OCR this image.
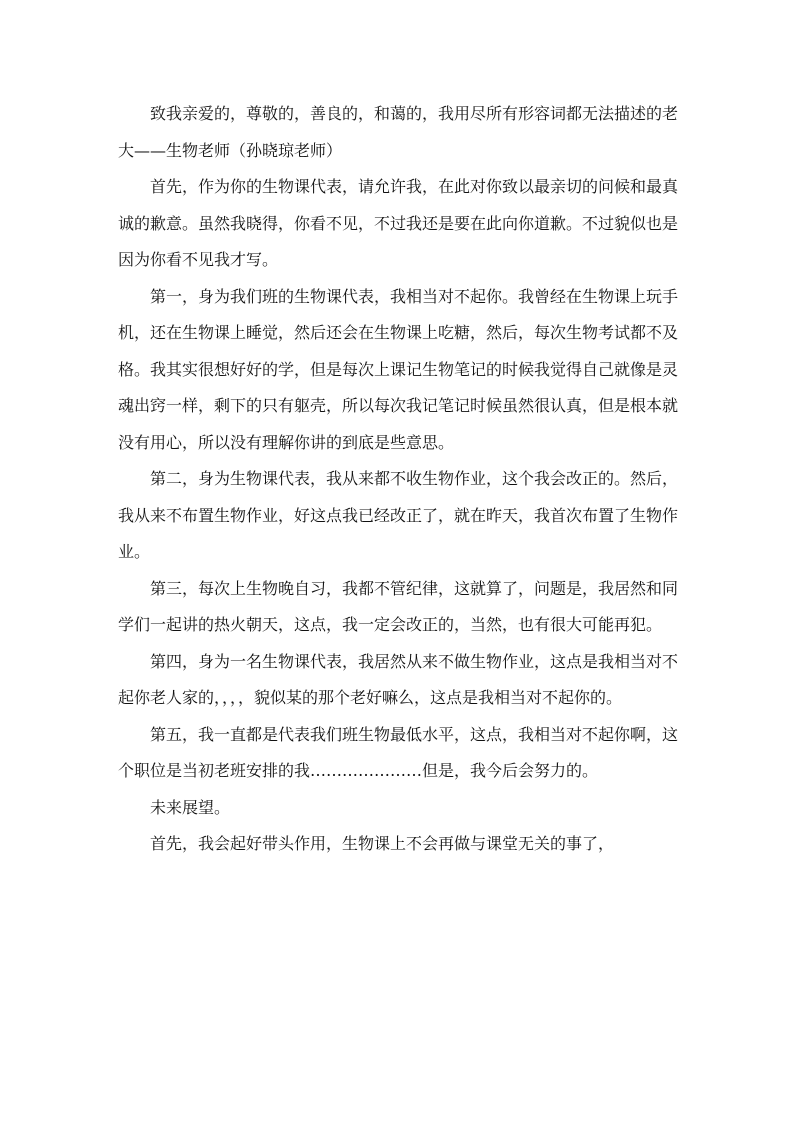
致我亲爱的，尊敬的，善良的，和蔼的，我用尽所有形容词都无法描述的老大——生物老师（孙晓琼老师）

首先，作为你的生物课代表，请允许我，在此对你致以最亲切的问候和最真诚的歉意。虽然我晓得，你看不见，不过我还是要在此向你道歉。不过貌似也是因为你看不见我才写。

第一，身为我们班的生物课代表，我相当对不起你。我曾经在生物课上玩手机，还在生物课上睡觉，然后还会在生物课上吃糖，然后，每次生物考试都不及格。我其实很想好好的学，但是每次上课记生物笔记的时候我觉得自己就像是灵魂出窍一样，剩下的只有躯壳，所以每次我记笔记时候虽然很认真，但是根本就没有用心，所以没有理解你讲的到底是些意思。

第二，身为生物课代表，我从来都不收生物作业，这个我会改正的。然后，我从来不布置生物作业，好这点我已经改正了，就在昨天，我首次布置了生物作业。

第三，每次上生物晚自习，我都不管纪律，这就算了，问题是，我居然和同学们一起讲的热火朝天，这点，我一定会改正的，当然，也有很大可能再犯。

第四，身为一名生物课代表，我居然从来不做生物作业，这点是我相当对不起你老人家的，，，，貌似某的那个老好嘛么，这点是我相当对不起你的。

第五，我一直都是代表我们班生物最低水平，这点，我相当对不起你啊，这个职位是当初老班安排的我…………………但是，我今后会努力的。

未来展望。

首先，我会起好带头作用，生物课上不会再做与课堂无关的事了，
